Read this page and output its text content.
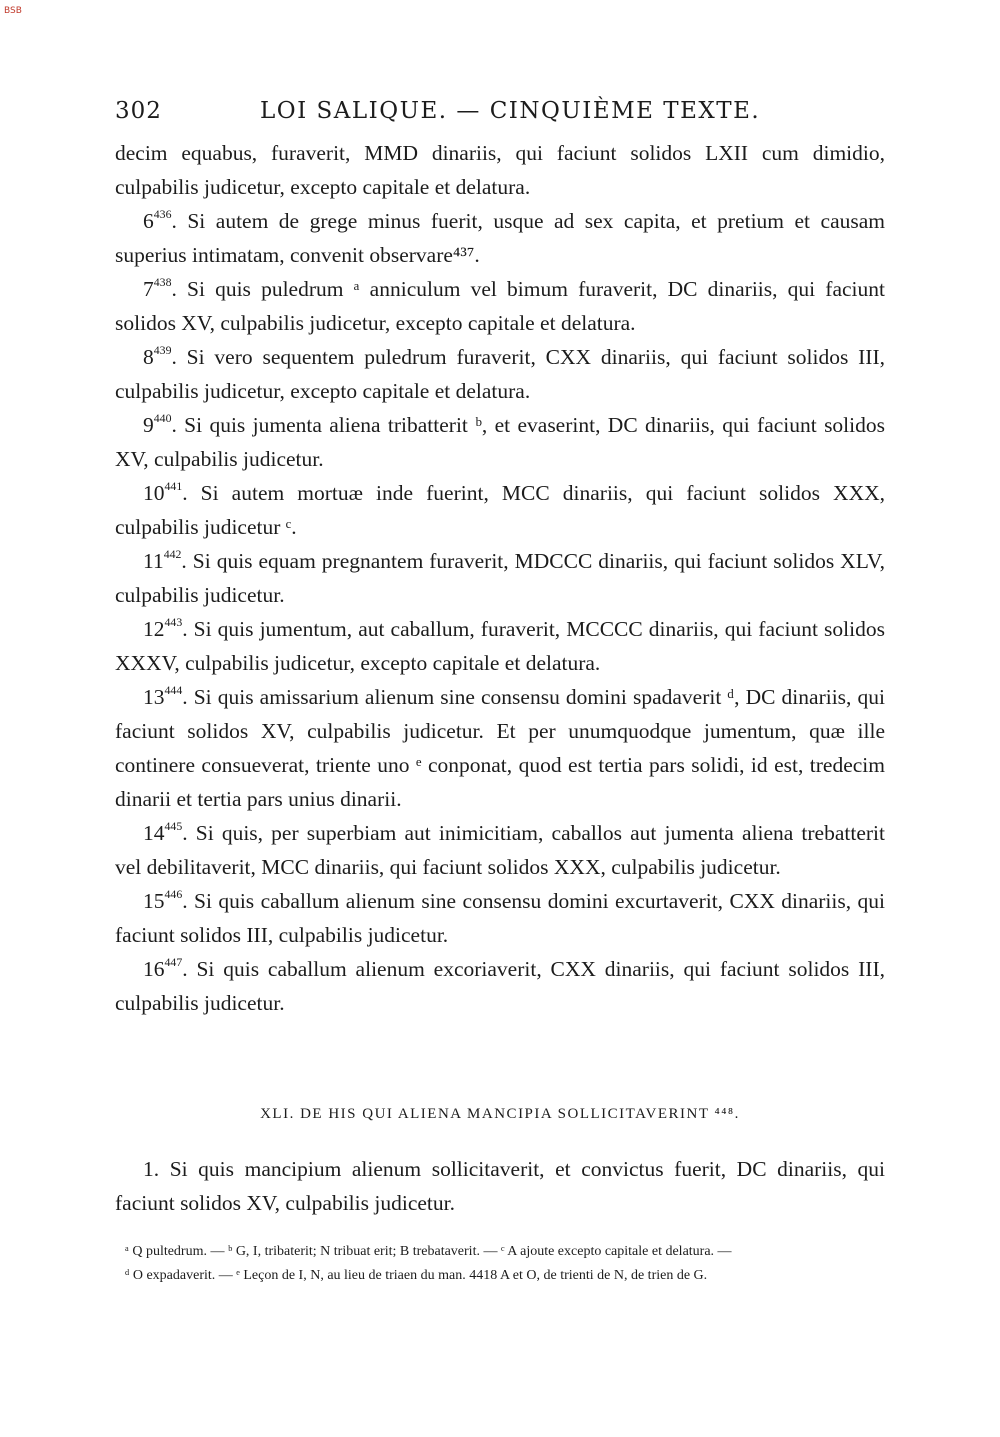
BSB
302	LOI SALIQUE. — CINQUIÈME TEXTE.

decim equabus, furaverit, MMD dinariis, qui faciunt solidos LXII cum dimidio, culpabilis judicetur, excepto capitale et delatura.

$6^{436}$. Si autem de grege minus fuerit, usque ad sex capita, et pretium et causam superius intimatam, convenit observare⁴³⁷.

$7^{438}$. Si quis puledrum ᵃ anniculum vel bimum furaverit, DC dinariis, qui faciunt solidos XV, culpabilis judicetur, excepto capitale et delatura.

$8^{439}$. Si vero sequentem puledrum furaverit, CXX dinariis, qui faciunt solidos III, culpabilis judicetur, excepto capitale et delatura.

$9^{440}$. Si quis jumenta aliena tribatterit ᵇ, et evaserint, DC dinariis, qui faciunt solidos XV, culpabilis judicetur.

$10^{441}$. Si autem mortuæ inde fuerint, MCC dinariis, qui faciunt solidos XXX, culpabilis judicetur ᶜ.

$11^{442}$. Si quis equam pregnantem furaverit, MDCCC dinariis, qui faciunt solidos XLV, culpabilis judicetur.

$12^{443}$. Si quis jumentum, aut caballum, furaverit, MCCCC dinariis, qui faciunt solidos XXXV, culpabilis judicetur, excepto capitale et delatura.

$13^{444}$. Si quis amissarium alienum sine consensu domini spadaverit ᵈ, DC dinariis, qui faciunt solidos XV, culpabilis judicetur. Et per unumquodque jumentum, quæ ille continere consueverat, triente uno ᵉ conponat, quod est tertia pars solidi, id est, tredecim dinarii et tertia pars unius dinarii.

$14^{445}$. Si quis, per superbiam aut inimicitiam, caballos aut jumenta aliena trebatterit vel debilitaverit, MCC dinariis, qui faciunt solidos XXX, culpabilis judicetur.

$15^{446}$. Si quis caballum alienum sine consensu domini excurtaverit, CXX dinariis, qui faciunt solidos III, culpabilis judicetur.

$16^{447}$. Si quis caballum alienum excoriaverit, CXX dinariis, qui faciunt solidos III, culpabilis judicetur.

XLI. DE HIS QUI ALIENA MANCIPIA SOLLICITAVERINT ⁴⁴⁸.

1. Si quis mancipium alienum sollicitaverit, et convictus fuerit, DC dinariis, qui faciunt solidos XV, culpabilis judicetur.

ᵃ Q pultedrum. — ᵇ G, I, tribaterit; N tribuat erit; B trebataverit. — ᶜ A ajoute excepto capitale et delatura. —

ᵈ O expadaverit. — ᵉ Leçon de I, N, au lieu de triaen du man. 4418 A et O, de trienti de N, de trien de G.
